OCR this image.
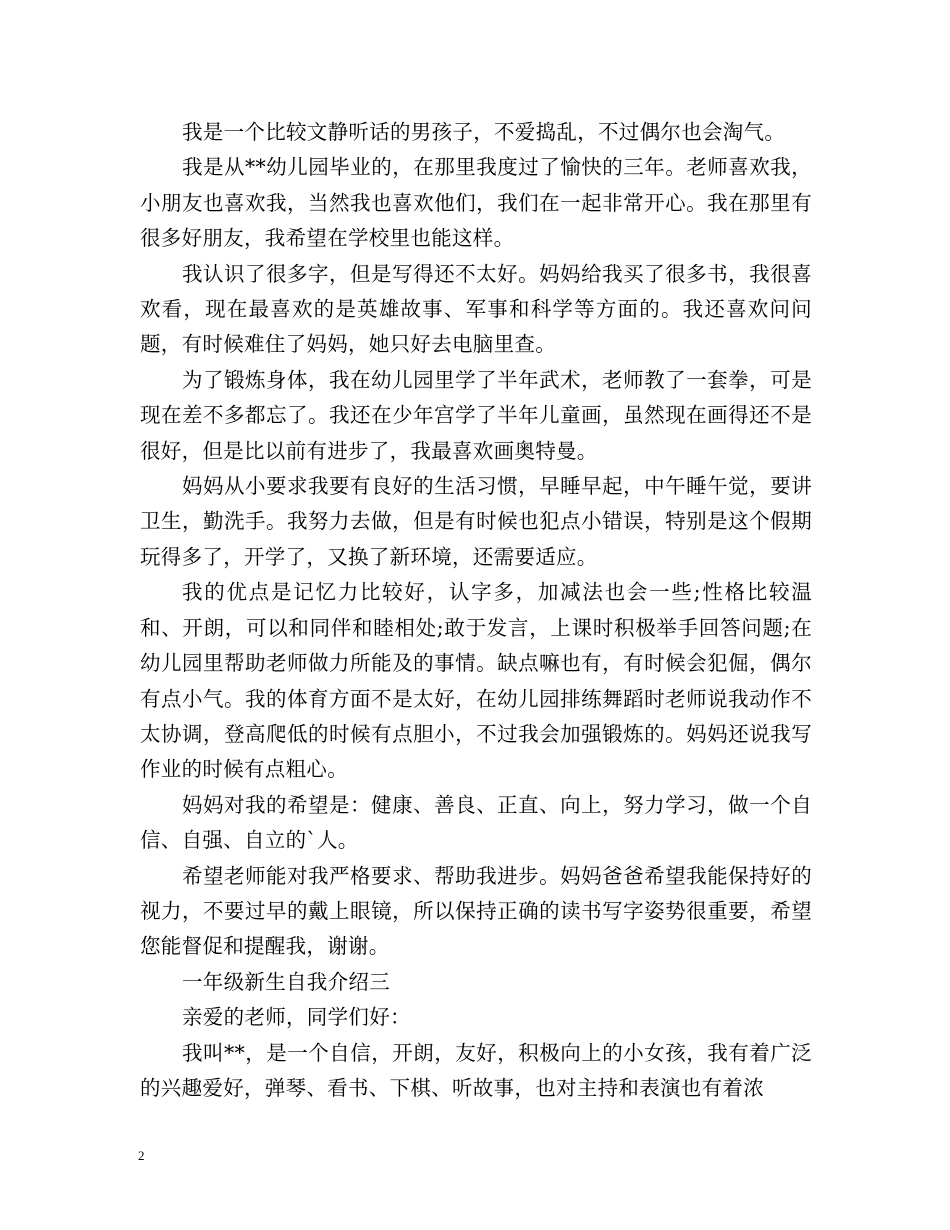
我是一个比较文静听话的男孩子，不爱捣乱，不过偶尔也会淘气。

我是从**幼儿园毕业的，在那里我度过了愉快的三年。老师喜欢我，小朋友也喜欢我，当然我也喜欢他们，我们在一起非常开心。我在那里有很多好朋友，我希望在学校里也能这样。

我认识了很多字，但是写得还不太好。妈妈给我买了很多书，我很喜欢看，现在最喜欢的是英雄故事、军事和科学等方面的。我还喜欢问问题，有时候难住了妈妈，她只好去电脑里查。

为了锻炼身体，我在幼儿园里学了半年武术，老师教了一套拳，可是现在差不多都忘了。我还在少年宫学了半年儿童画，虽然现在画得还不是很好，但是比以前有进步了，我最喜欢画奥特曼。

妈妈从小要求我要有良好的生活习惯，早睡早起，中午睡午觉，要讲卫生，勤洗手。我努力去做，但是有时候也犯点小错误，特别是这个假期玩得多了，开学了，又换了新环境，还需要适应。

我的优点是记忆力比较好，认字多，加减法也会一些;性格比较温和、开朗，可以和同伴和睦相处;敢于发言，上课时积极举手回答问题;在幼儿园里帮助老师做力所能及的事情。缺点嘛也有，有时候会犯倔，偶尔有点小气。我的体育方面不是太好，在幼儿园排练舞蹈时老师说我动作不太协调，登高爬低的时候有点胆小，不过我会加强锻炼的。妈妈还说我写作业的时候有点粗心。

妈妈对我的希望是：健康、善良、正直、向上，努力学习，做一个自信、自强、自立的`人。

希望老师能对我严格要求、帮助我进步。妈妈爸爸希望我能保持好的视力，不要过早的戴上眼镜，所以保持正确的读书写字姿势很重要，希望您能督促和提醒我，谢谢。

一年级新生自我介绍三

亲爱的老师，同学们好：

我叫**，是一个自信，开朗，友好，积极向上的小女孩，我有着广泛的兴趣爱好，弹琴、看书、下棋、听故事，也对主持和表演也有着浓

2
